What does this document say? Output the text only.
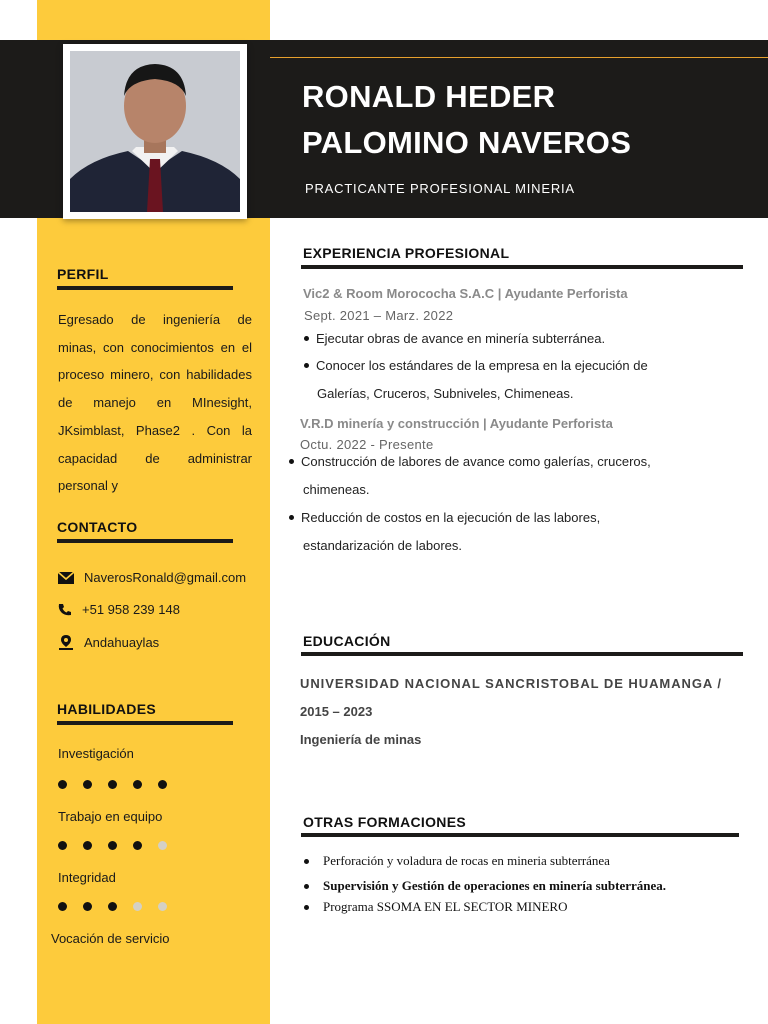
RONALD HEDER
PALOMINO NAVEROS
PRACTICANTE PROFESIONAL MINERIA
PERFIL
Egresado de ingeniería de minas, con conocimientos en el proceso minero, con habilidades de manejo en MInesight, JKsimblast, Phase2 . Con la capacidad de administrar personal y
CONTACTO
NaverosRonald@gmail.com
+51 958 239 148
Andahuaylas
HABILIDADES
Investigación
Trabajo en equipo
Integridad
Vocación de servicio
EXPERIENCIA PROFESIONAL
Vic2 & Room Morococha S.A.C | Ayudante Perforista
Sept. 2021 – Marz. 2022
Ejecutar obras de avance en minería subterránea.
Conocer los estándares de la empresa en la ejecución de
Galerías, Cruceros, Subniveles, Chimeneas.
V.R.D minería y construcción | Ayudante Perforista
Octu. 2022 - Presente
Construcción de labores de avance como galerías, cruceros,
chimeneas.
Reducción de costos en la ejecución de las labores,
estandarización de labores.
EDUCACIÓN
UNIVERSIDAD NACIONAL SANCRISTOBAL DE HUAMANGA /
2015 – 2023
Ingeniería de minas
OTRAS FORMACIONES
Perforación y voladura de rocas en mineria subterránea
Supervisión y Gestión de operaciones en minería subterránea.
Programa SSOMA EN EL SECTOR MINERO
